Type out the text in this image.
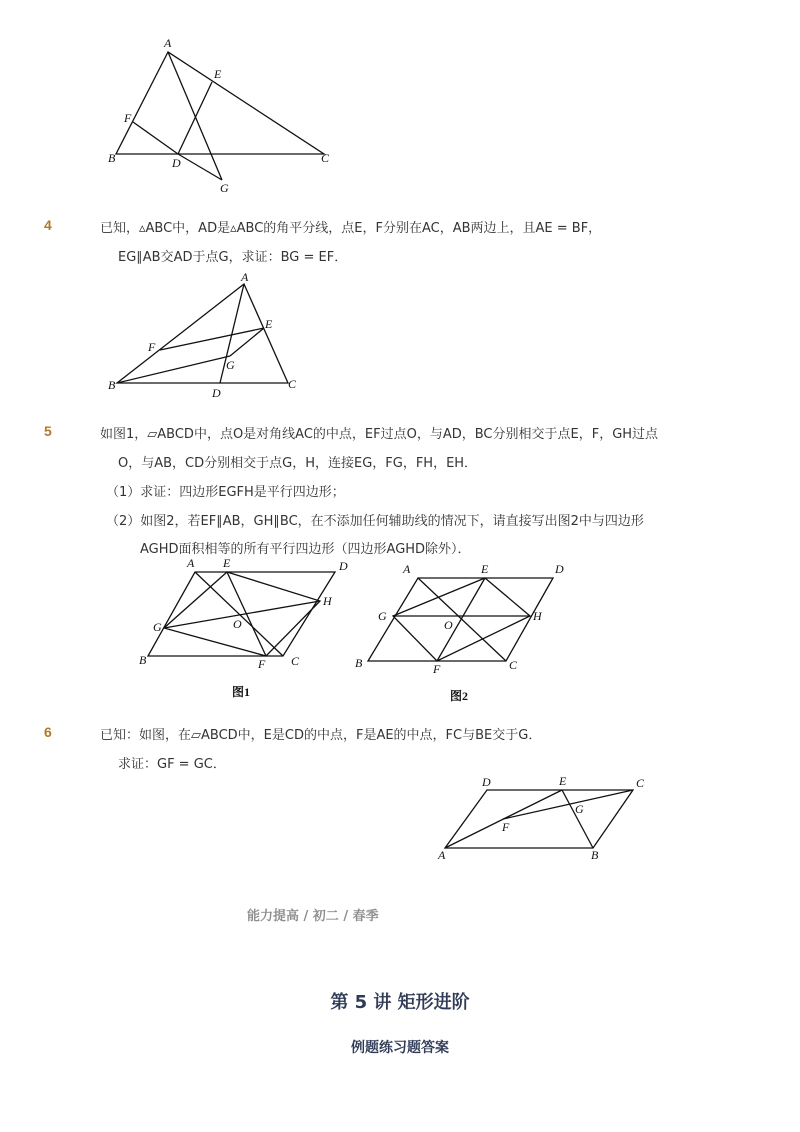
A
E
F
B	D	C
G
4	已知，▵ABC中，AD是▵ABC的角平分线，点E，F分别在AC，AB两边上，且AE = BF，
EG∥AB交AD于点G，求证：BG = EF．
A
E
F
G
B
D
C
5	如图1，▱ABCD中，点O是对角线AC的中点，EF过点O，与AD，BC分别相交于点E，F，GH过点
O，与AB，CD分别相交于点G，H，连接EG，FG，FH，EH．
（1）求证：四边形EGFH是平行四边形；
（2）如图2，若EF∥AB，GH∥BC，在不添加任何辅助线的情况下，请直接写出图2中与四边形
AGHD面积相等的所有平行四边形（四边形AGHD除外）．
A E	D
H
G	O
B	F C
图1
A	E	D
G
O
H
B	F	C
图2
6	已知：如图，在▱ABCD中，E是CD的中点，F是AE的中点，FC与BE交于G．
求证：GF = GC．
D	E	C
G
F
A	B
能力提高 / 初二 / 春季
第 5 讲 矩形进阶
例题练习题答案
